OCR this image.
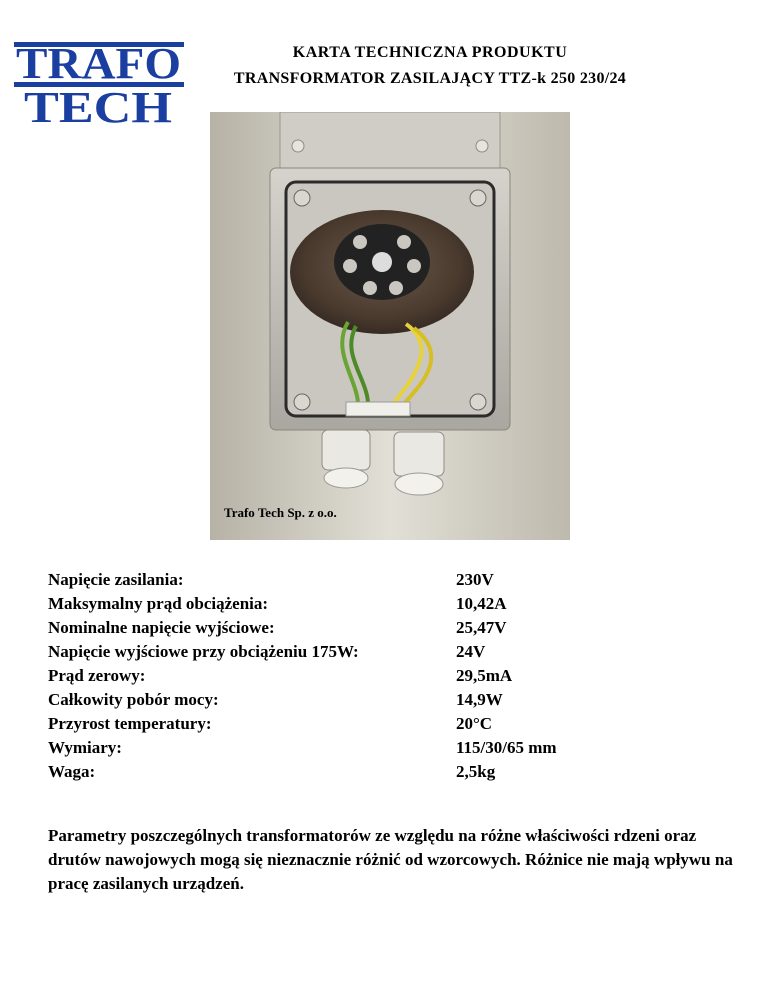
TRAFO
TECH
KARTA TECHNICZNA PRODUKTU
TRANSFORMATOR ZASILAJĄCY TTZ-k 250 230/24
Trafo Tech Sp. z o.o.
Napięcie zasilania:	230V
Maksymalny prąd obciążenia:	10,42A
Nominalne napięcie wyjściowe:	25,47V
Napięcie wyjściowe przy obciążeniu 175W:	24V
Prąd zerowy:	29,5mA
Całkowity pobór mocy:	14,9W
Przyrost temperatury:	20°C
Wymiary:	115/30/65 mm
Waga:	2,5kg
Parametry poszczególnych transformatorów ze względu na różne właściwości rdzeni oraz drutów nawojowych mogą się nieznacznie różnić od wzorcowych. Różnice nie mają wpływu na pracę zasilanych urządzeń.
